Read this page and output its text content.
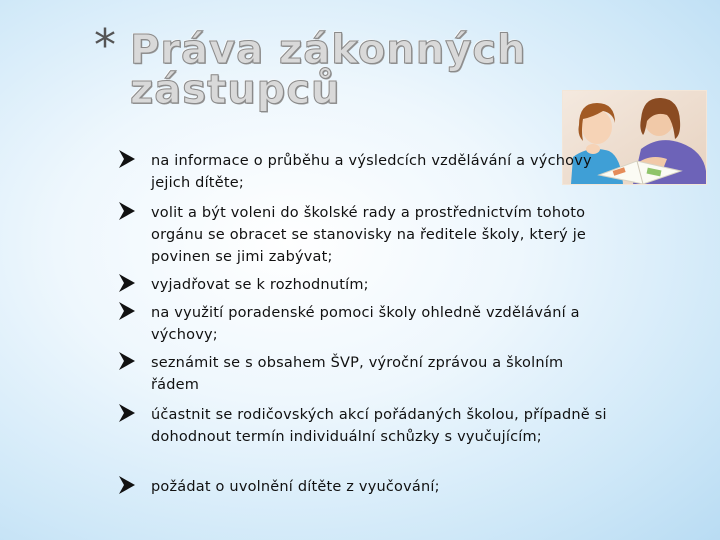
* Práva zákonných zástupců
na informace o průběhu a výsledcích vzdělávání a výchovy jejich dítěte;
volit a být voleni do školské rady a prostřednictvím tohoto orgánu se obracet se stanovisky na ředitele školy, který je povinen se jimi zabývat;
vyjadřovat se k rozhodnutím;
na využití poradenské pomoci školy ohledně vzdělávání a výchovy;
seznámit se s obsahem ŠVP, výroční zprávou a školním řádem
účastnit se rodičovských akcí pořádaných školou, případně si dohodnout termín individuální schůzky s vyučujícím;
požádat o uvolnění dítěte z vyučování;
